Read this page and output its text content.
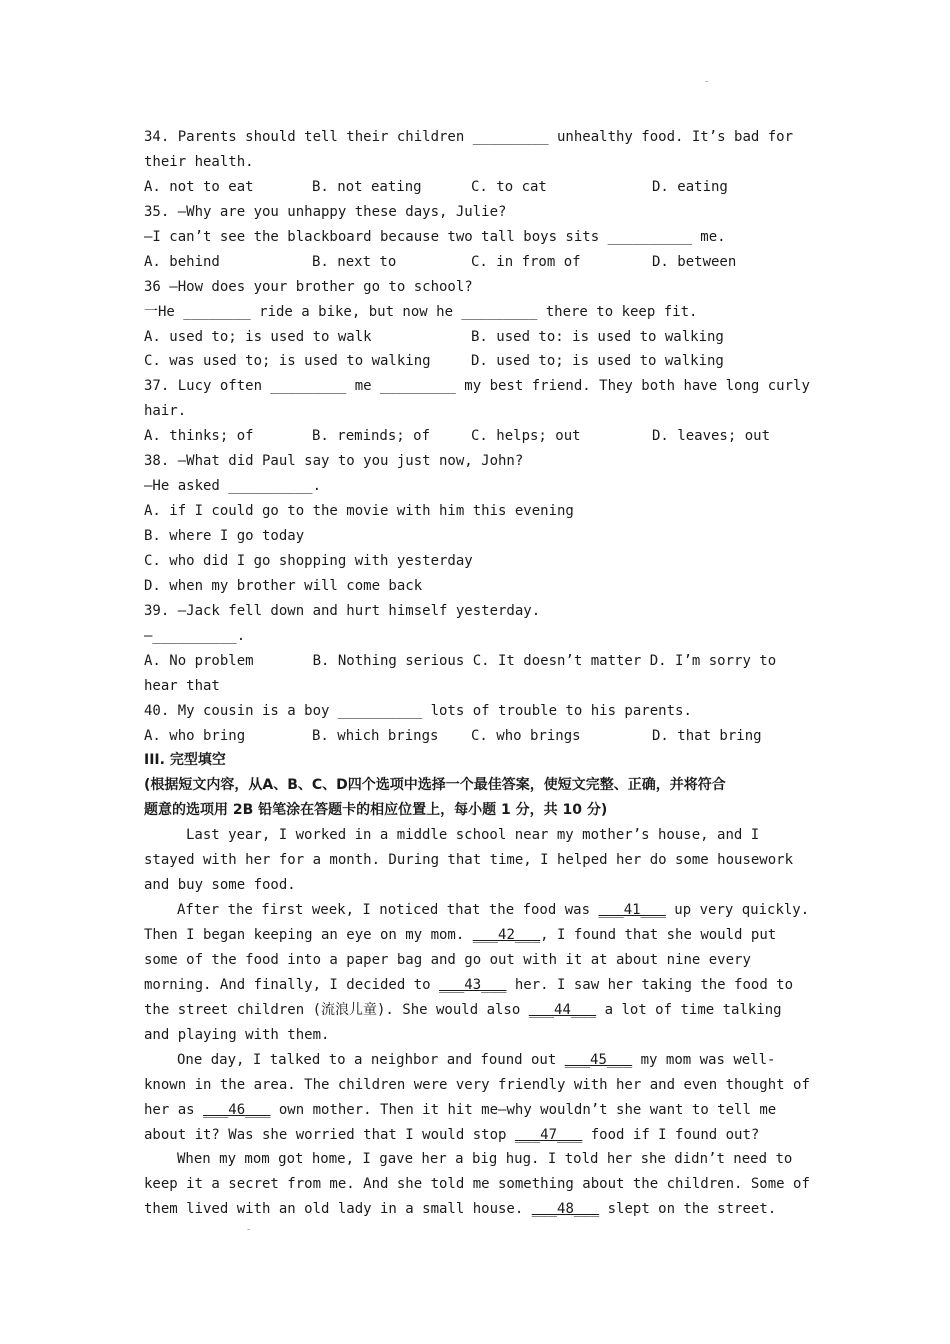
ˍ
34. Parents should tell their children _________ unhealthy food. It’s bad for
their health.

A. not to eat

	B. not eating

	C. to cat

	D. eating

35. —Why are you unhappy these days, Julie?
—I can’t see the blackboard because two tall boys sits __________ me.

A. behind

	B. next to

	C. in from of

	D. between

36 —How does your brother go to school?
一He ________ ride a bike, but now he _________ there to keep fit.

A. used to; is used to walk

	B. used to: is used to walking

C. was used to; is used to walking

	D. used to; is used to walking

37. Lucy often _________ me _________ my best friend. They both have long curly
hair.

A. thinks; of

	B. reminds; of

	C. helps; out

	D. leaves; out

38. —What did Paul say to you just now, John?
—He asked __________.
A. if I could go to the movie with him this evening
B. where I go today
C. who did I go shopping with yesterday
D. when my brother will come back
39. —Jack fell down and hurt himself yesterday.
—__________.
A. No problem       B. Nothing serious C. It doesn’t matter D. I’m sorry to
hear that
40. My cousin is a boy __________ lots of trouble to his parents.

A. who bring

	B. which brings

C. who brings

	D. that bring

III. 完型填空
(根据短文内容，从A、B、C、D四个选项中选择一个最佳答案，使短文完整、正确，并将符合
题意的选项用 2B 铅笔涂在答题卡的相应位置上，每小题 1 分，共 10 分)
Last year, I worked in a middle school near my mother’s house, and I
stayed with her for a month. During that time, I helped her do some housework
and buy some food.
After the first week, I noticed that the food was ___41___ up very quickly.
Then I began keeping an eye on my mom. ___42___, I found that she would put
some of the food into a paper bag and go out with it at about nine every
morning. And finally, I decided to ___43___ her. I saw her taking the food to
the street children (流浪儿童). She would also ___44___ a lot of time talking
and playing with them.
One day, I talked to a neighbor and found out ___45___ my mom was well-
known in the area. The children were very friendly with her and even thought of
her as ___46___ own mother. Then it hit me—why wouldn’t she want to tell me
about it? Was she worried that I would stop ___47___ food if I found out?
When my mom got home, I gave her a big hug. I told her she didn’t need to
keep it a secret from me. And she told me something about the children. Some of
them lived with an old lady in a small house. ___48___ slept on the street.
ˍ
